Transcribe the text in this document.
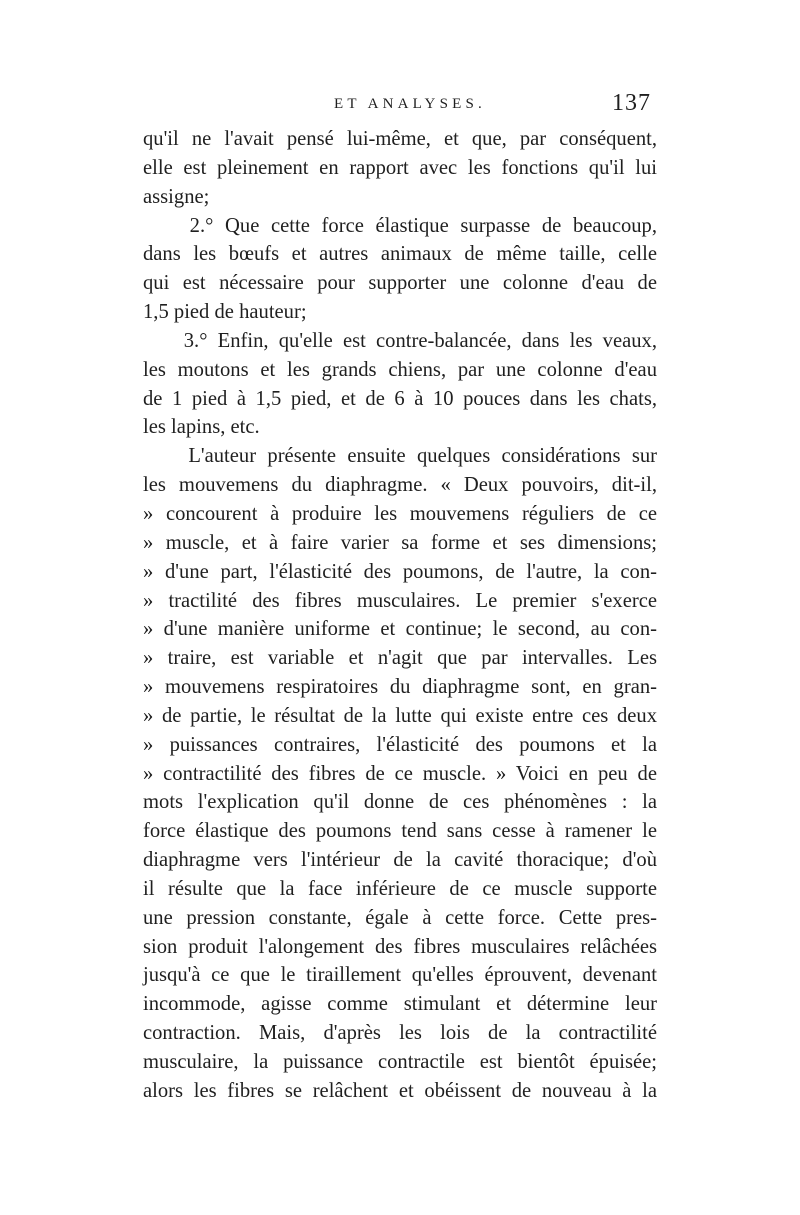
ET ANALYSES.	137
qu'il ne l'avait pensé lui-même, et que, par conséquent,
elle est pleinement en rapport avec les fonctions qu'il lui
assigne;
2.° Que cette force élastique surpasse de beaucoup,
dans les bœufs et autres animaux de même taille, celle
qui est nécessaire pour supporter une colonne d'eau de
1,5 pied de hauteur;
3.° Enfin, qu'elle est contre-balancée, dans les veaux,
les moutons et les grands chiens, par une colonne d'eau
de 1 pied à 1,5 pied, et de 6 à 10 pouces dans les chats,
les lapins, etc.
L'auteur présente ensuite quelques considérations sur
les mouvemens du diaphragme. « Deux pouvoirs, dit-il,
» concourent à produire les mouvemens réguliers de ce
» muscle, et à faire varier sa forme et ses dimensions;
» d'une part, l'élasticité des poumons, de l'autre, la con-
» tractilité des fibres musculaires. Le premier s'exerce
» d'une manière uniforme et continue; le second, au con-
» traire, est variable et n'agit que par intervalles. Les
» mouvemens respiratoires du diaphragme sont, en gran-
» de partie, le résultat de la lutte qui existe entre ces deux
» puissances contraires, l'élasticité des poumons et la
» contractilité des fibres de ce muscle. » Voici en peu de
mots l'explication qu'il donne de ces phénomènes : la
force élastique des poumons tend sans cesse à ramener le
diaphragme vers l'intérieur de la cavité thoracique; d'où
il résulte que la face inférieure de ce muscle supporte
une pression constante, égale à cette force. Cette pres-
sion produit l'alongement des fibres musculaires relâchées
jusqu'à ce que le tiraillement qu'elles éprouvent, devenant
incommode, agisse comme stimulant et détermine leur
contraction. Mais, d'après les lois de la contractilité
musculaire, la puissance contractile est bientôt épuisée;
alors les fibres se relâchent et obéissent de nouveau à la
